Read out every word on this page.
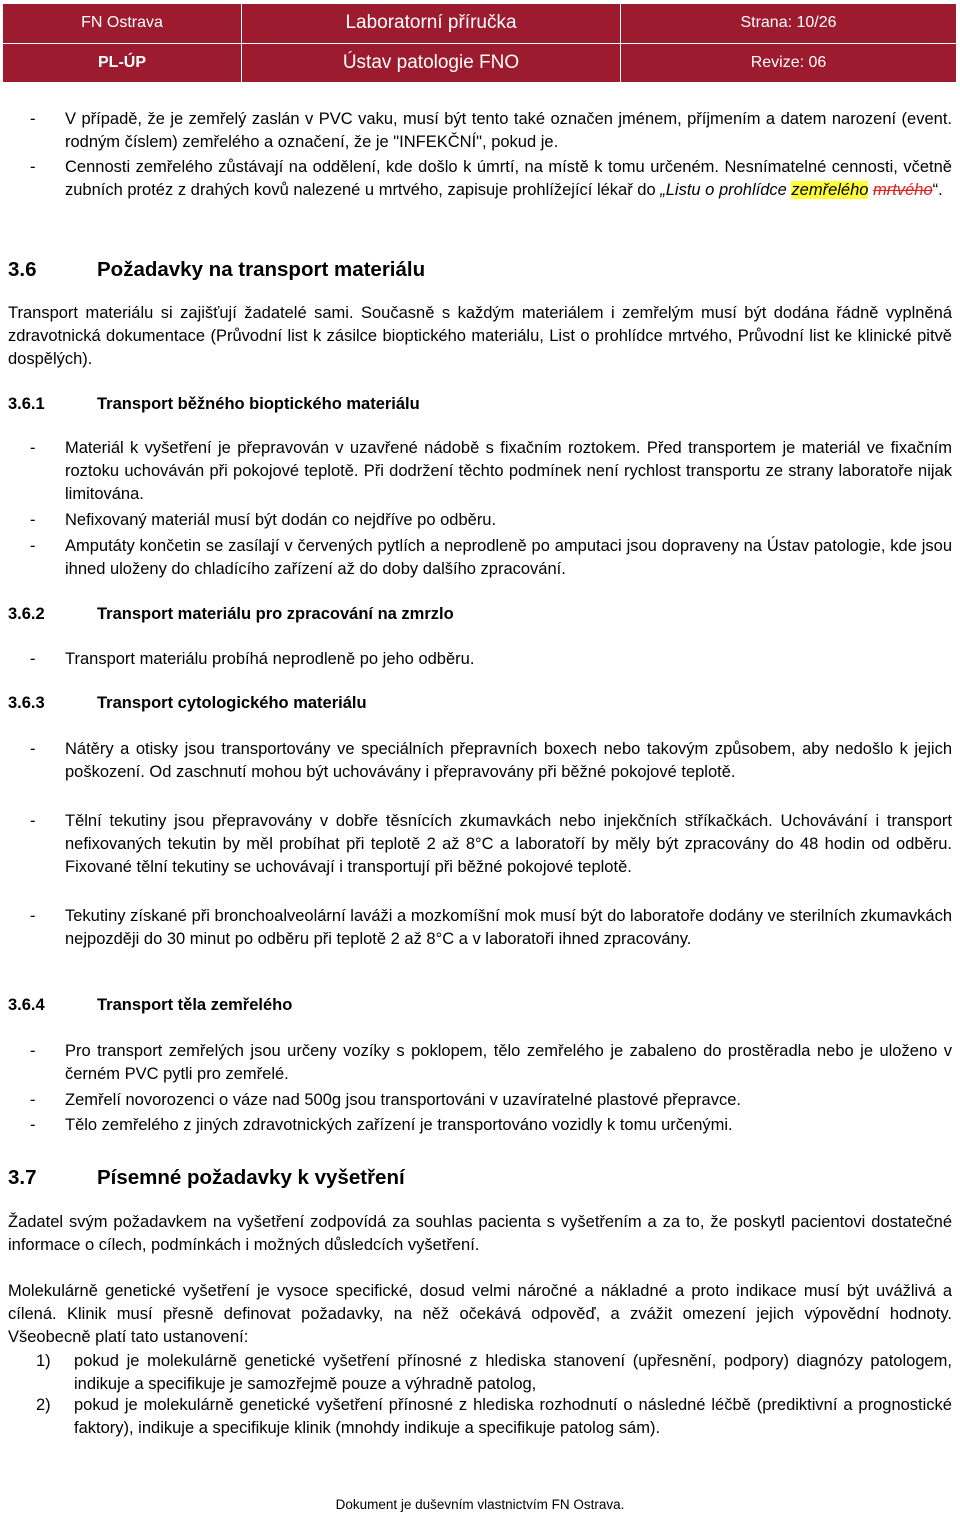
FN Ostrava	Laboratorní příručka	Strana: 10/26
PL-ÚP	Ústav patologie FNO	Revize: 06
- V případě, že je zemřelý zaslán v PVC vaku, musí být tento také označen jménem, příjmením a datem narození (event. rodným číslem) zemřelého a označení, že je "INFEKČNÍ", pokud je.
- Cennosti zemřelého zůstávají na oddělení, kde došlo k úmrtí, na místě k tomu určeném. Nesnímatelné cennosti, včetně zubních protéz z drahých kovů nalezené u mrtvého, zapisuje prohlížející lékař do „Listu o prohlídce zemřelého mrtvého“.
3.6	Požadavky na transport materiálu
Transport materiálu si zajišťují žadatelé sami. Současně s každým materiálem i zemřelým musí být dodána řádně vyplněná zdravotnická dokumentace (Průvodní list k zásilce bioptického materiálu, List o prohlídce mrtvého, Průvodní list ke klinické pitvě dospělých).
3.6.1	Transport běžného bioptického materiálu
- Materiál k vyšetření je přepravován v uzavřené nádobě s fixačním roztokem. Před transportem je materiál ve fixačním roztoku uchováván při pokojové teplotě. Při dodržení těchto podmínek není rychlost transportu ze strany laboratoře nijak limitována.
- Nefixovaný materiál musí být dodán co nejdříve po odběru.
- Amputáty končetin se zasílají v červených pytlích a neprodleně po amputaci jsou dopraveny na Ústav patologie, kde jsou ihned uloženy do chladícího zařízení až do doby dalšího zpracování.
3.6.2	Transport materiálu pro zpracování na zmrzlo
- Transport materiálu probíhá neprodleně po jeho odběru.
3.6.3	Transport cytologického materiálu
- Nátěry a otisky jsou transportovány ve speciálních přepravních boxech nebo takovým způsobem, aby nedošlo k jejich poškození. Od zaschnutí mohou být uchovávány i přepravovány při běžné pokojové teplotě.
- Tělní tekutiny jsou přepravovány v dobře těsnících zkumavkách nebo injekčních stříkačkách. Uchovávání i transport nefixovaných tekutin by měl probíhat při teplotě 2 až 8°C a laboratoří by měly být zpracovány do 48 hodin od odběru. Fixované tělní tekutiny se uchovávají i transportují při běžné pokojové teplotě.
- Tekutiny získané při bronchoalveolární laváži a mozkomíšní mok musí být do laboratoře dodány ve sterilních zkumavkách nejpozději do 30 minut po odběru při teplotě 2 až 8°C a v laboratoři ihned zpracovány.
3.6.4	Transport těla zemřelého
- Pro transport zemřelých jsou určeny vozíky s poklopem, tělo zemřelého je zabaleno do prostěradla nebo je uloženo v černém PVC pytli pro zemřelé.
- Zemřelí novorozenci o váze nad 500g jsou transportováni v uzavíratelné plastové přepravce.
- Tělo zemřelého z jiných zdravotnických zařízení je transportováno vozidly k tomu určenými.
3.7	Písemné požadavky k vyšetření
Žadatel svým požadavkem na vyšetření zodpovídá za souhlas pacienta s vyšetřením a za to, že poskytl pacientovi dostatečné informace o cílech, podmínkách i možných důsledcích vyšetření.
Molekulárně genetické vyšetření je vysoce specifické, dosud velmi náročné a nákladné a proto indikace musí být uvážlivá a cílená. Klinik musí přesně definovat požadavky, na něž očekává odpověď, a zvážit omezení jejich výpovědní hodnoty. Všeobecně platí tato ustanovení:
1) pokud je molekulárně genetické vyšetření přínosné z hlediska stanovení (upřesnění, podpory) diagnózy patologem, indikuje a specifikuje je samozřejmě pouze a výhradně patolog,
2) pokud je molekulárně genetické vyšetření přínosné z hlediska rozhodnutí o následné léčbě (prediktivní a prognostické faktory), indikuje a specifikuje klinik (mnohdy indikuje a specifikuje patolog sám).
Dokument je duševním vlastnictvím FN Ostrava.
